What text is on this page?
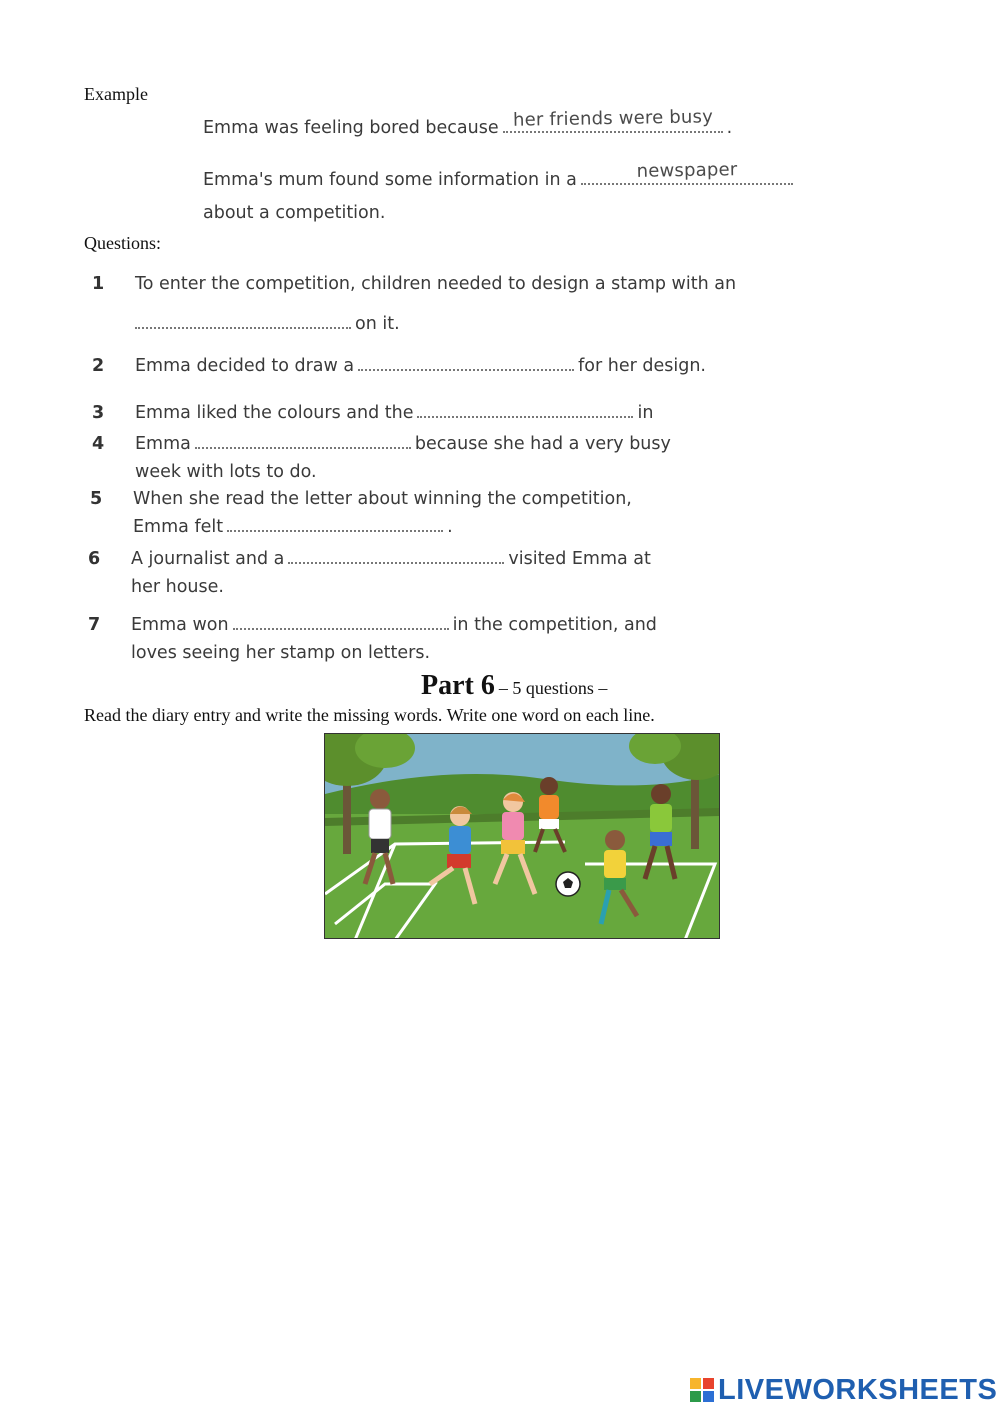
Example
Emma was feeling bored because her friends were busy .
Emma's mum found some information in a	newspaper
about a competition.
Questions:
1 To enter the competition, children needed to design a stamp with an
on it.
2 Emma decided to draw a	for her design.
3 Emma liked the colours and the	in
4 Emma	because she had a very busy
week with lots to do.
5 When she read the letter about winning the competition,
Emma felt	.
6 A journalist and a	visited Emma at
her house.
7 Emma won	in the competition, and
loves seeing her stamp on letters.
Part 6 – 5 questions –
Read the diary entry and write the missing words. Write one word on each line.
LIVEWORKSHEETS
